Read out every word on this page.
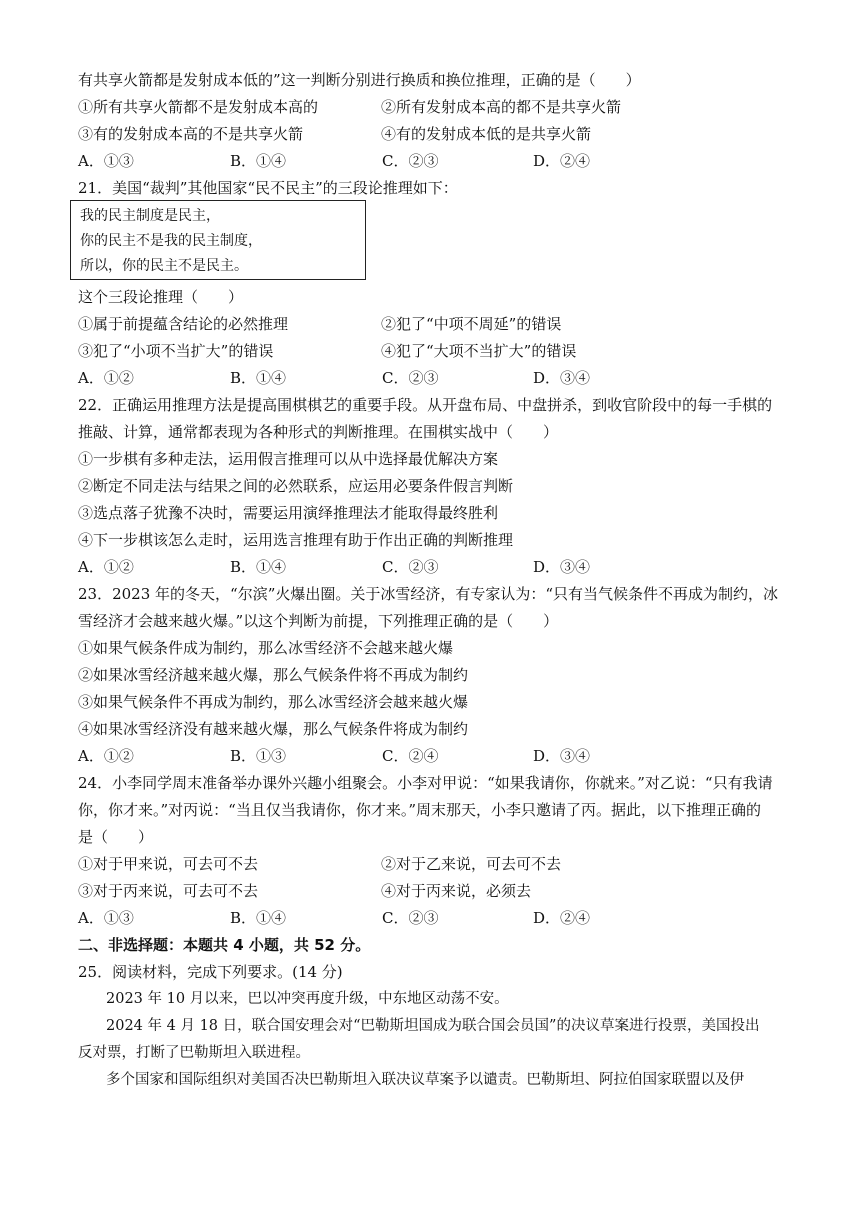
有共享火箭都是发射成本低的”这一判断分别进行换质和换位推理，正确的是（　　）
①所有共享火箭都不是发射成本高的	②所有发射成本高的都不是共享火箭
③有的发射成本高的不是共享火箭	④有的发射成本低的是共享火箭
A．①③	B．①④	C．②③	D．②④
21．美国“裁判”其他国家“民不民主”的三段论推理如下：
我的民主制度是民主，
你的民主不是我的民主制度，
所以，你的民主不是民主。
这个三段论推理（　　）
①属于前提蕴含结论的必然推理	②犯了“中项不周延”的错误
③犯了“小项不当扩大”的错误	④犯了“大项不当扩大”的错误
A．①②	B．①④	C．②③	D．③④
22．正确运用推理方法是提高围棋棋艺的重要手段。从开盘布局、中盘拼杀，到收官阶段中的每一手棋的
推敲、计算，通常都表现为各种形式的判断推理。在围棋实战中（　　）
①一步棋有多种走法，运用假言推理可以从中选择最优解决方案
②断定不同走法与结果之间的必然联系，应运用必要条件假言判断
③选点落子犹豫不决时，需要运用演绎推理法才能取得最终胜利
④下一步棋该怎么走时，运用选言推理有助于作出正确的判断推理
A．①②	B．①④	C．②③	D．③④
23．2023 年的冬天，“尔滨”火爆出圈。关于冰雪经济，有专家认为：“只有当气候条件不再成为制约，冰
雪经济才会越来越火爆。”以这个判断为前提，下列推理正确的是（　　）
①如果气候条件成为制约，那么冰雪经济不会越来越火爆
②如果冰雪经济越来越火爆，那么气候条件将不再成为制约
③如果气候条件不再成为制约，那么冰雪经济会越来越火爆
④如果冰雪经济没有越来越火爆，那么气候条件将成为制约
A．①②	B．①③	C．②④	D．③④
24．小李同学周末准备举办课外兴趣小组聚会。小李对甲说：“如果我请你，你就来。”对乙说：“只有我请
你，你才来。”对丙说：“当且仅当我请你，你才来。”周末那天，小李只邀请了丙。据此，以下推理正确的
是（　　）
①对于甲来说，可去可不去	②对于乙来说，可去可不去
③对于丙来说，可去可不去	④对于丙来说，必须去
A．①③	B．①④	C．②③	D．②④
二、非选择题：本题共 4 小题，共 52 分。
25．阅读材料，完成下列要求。(14 分)
2023 年 10 月以来，巴以冲突再度升级，中东地区动荡不安。
2024 年 4 月 18 日，联合国安理会对“巴勒斯坦国成为联合国会员国”的决议草案进行投票，美国投出
反对票，打断了巴勒斯坦入联进程。
多个国家和国际组织对美国否决巴勒斯坦入联决议草案予以谴责。巴勒斯坦、阿拉伯国家联盟以及伊
